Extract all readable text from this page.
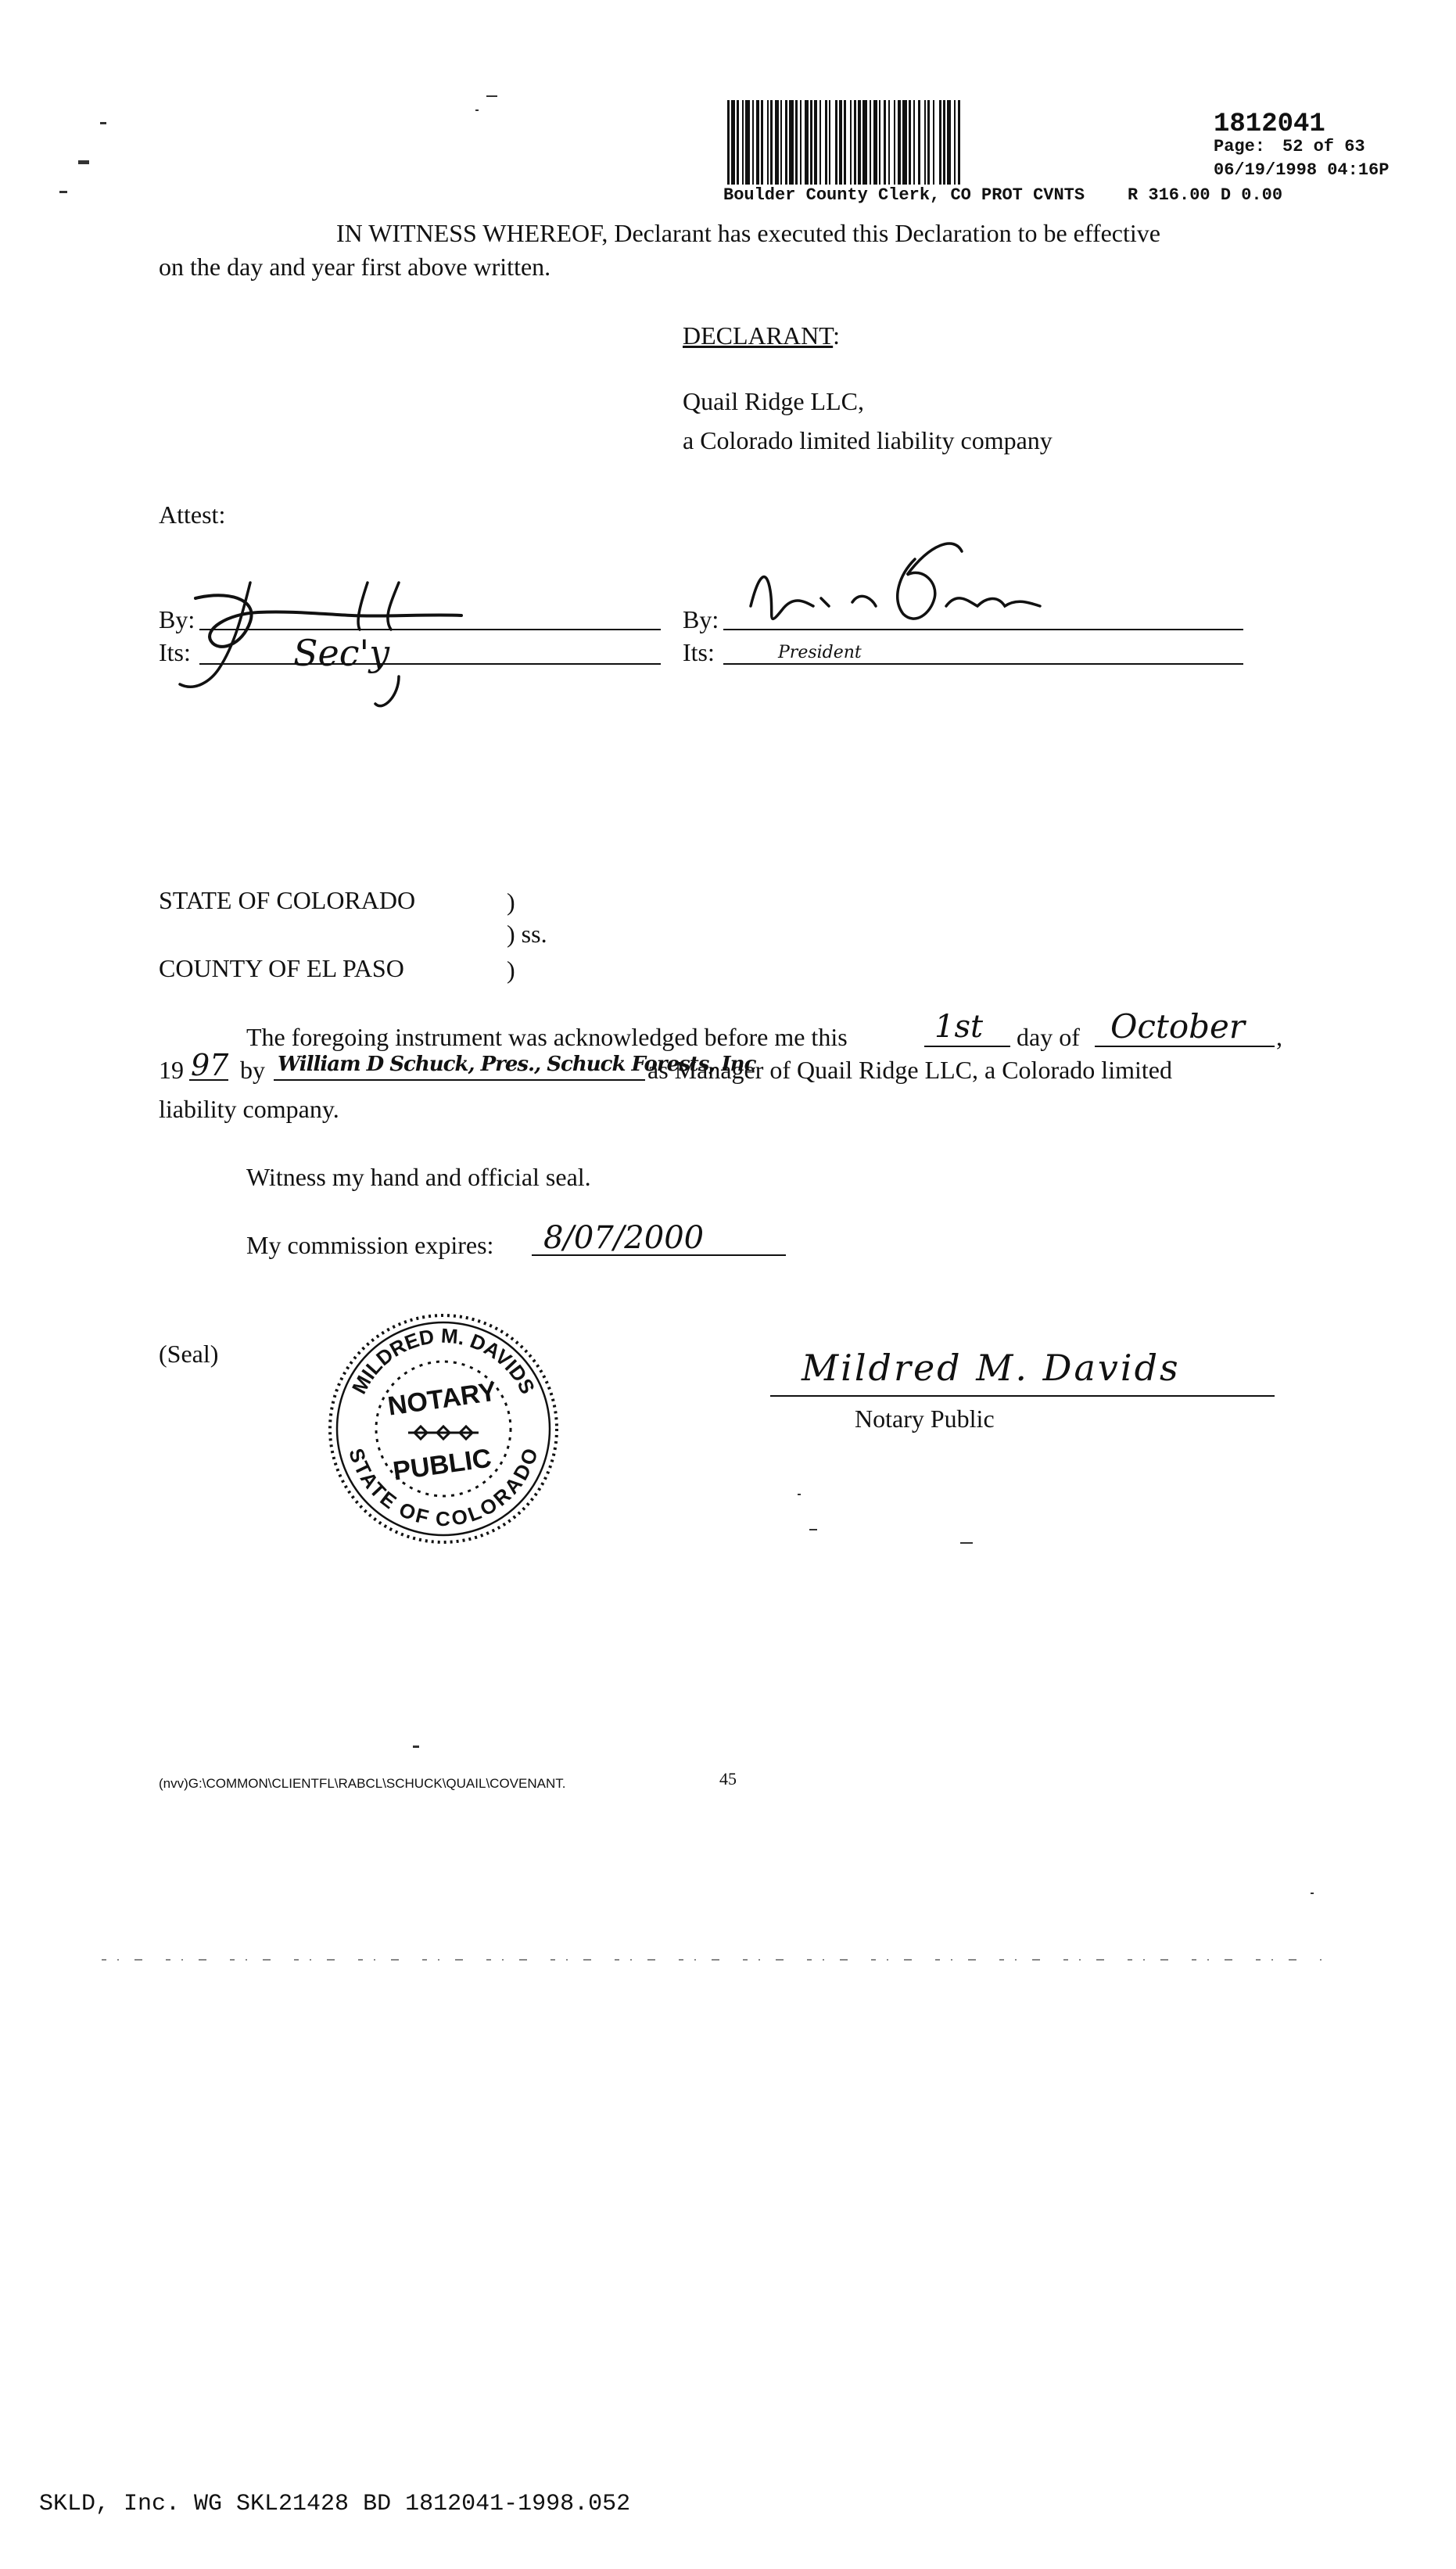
1812041
Page: 52 of 63
06/19/1998 04:16P
Boulder County Clerk, CO PROT CVNTS R 316.00 D 0.00
IN WITNESS WHEREOF, Declarant has executed this Declaration to be effective
on the day and year first above written.
DECLARANT:
Quail Ridge LLC,
a Colorado limited liability company
Attest:
By:
Its:	Sec'y
By:
Its:	President
STATE OF COLORADO	)
) ss.
COUNTY OF EL PASO	)
The foregoing instrument was acknowledged before me this	1st day of October ,
19 97 by William D Schuck, Pres., Schuck Forests, Inc
as Manager of Quail Ridge LLC, a Colorado limited
liability company.
Witness my hand and official seal.
My commission expires: 8/07/2000
(Seal)
MILDRED M. DAVIDS
STATE OF COLORADO
NOTARY
PUBLIC
Mildred M. Davids
Notary Public
(nvv)G:\COMMON\CLIENTFL\RABCL\SCHUCK\QUAIL\COVENANT.	45
SKLD, Inc. WG SKL21428 BD 1812041-1998.052
